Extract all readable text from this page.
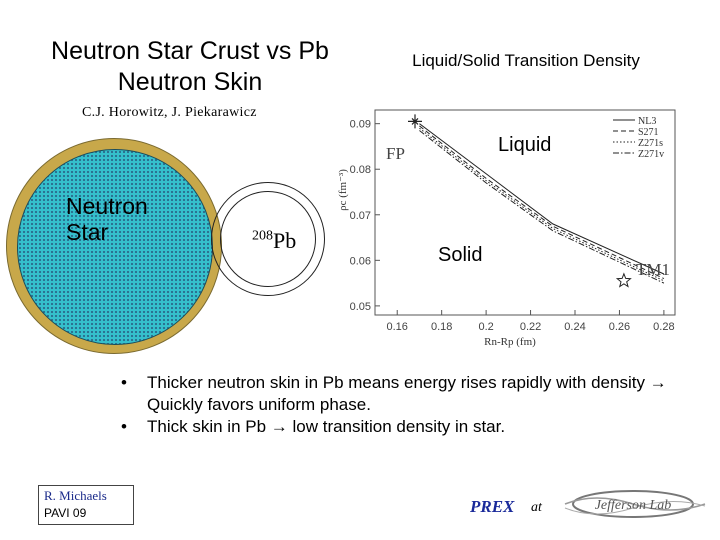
Neutron Star Crust vs Pb Neutron Skin
Liquid/Solid Transition Density
C.J. Horowitz, J. Piekarawicz
Neutron Star	$^{208}$Pb
0.16 0.18 0.2 0.22 0.24 0.26 0.28
0.05
0.06
0.07
0.08
0.09	NL3
S271
Z271s
Z271v
ρc (fm⁻³)
Rn-Rp (fm)
Liquid
Solid
FP
TM1
•	Thicker neutron skin in Pb means energy rises rapidly with density → Quickly favors uniform phase.
•	Thick skin in Pb → low transition density in star.
R. Michaels
PAVI 09	PREX at	Jefferson Lab
